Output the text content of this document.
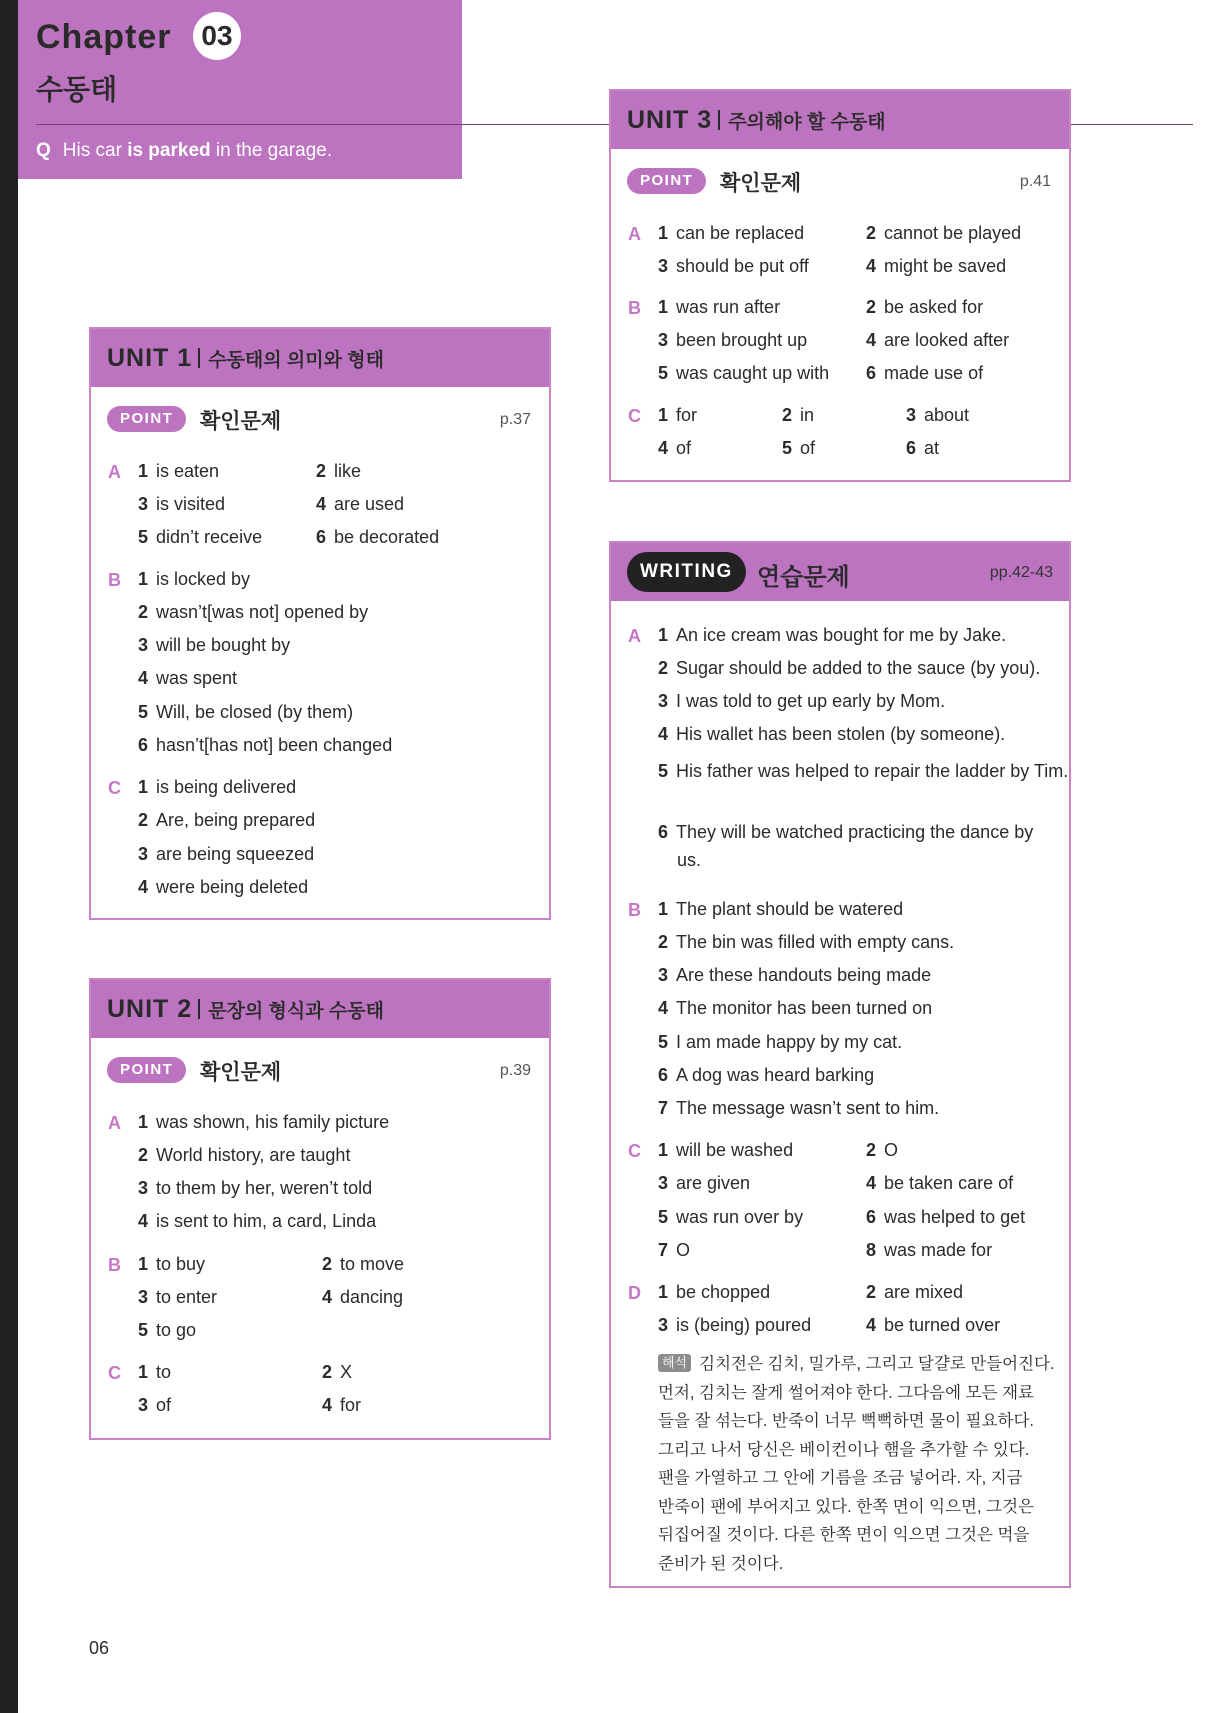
Chapter	03
수동태
Q His car is parked in the garage.
UNIT 1 수동태의 의미와 형태
POINT	확인문제	p.37
A 1 is eaten	2 like
3 is visited	4 are used
5 didn’t receive	6 be decorated
B 1 is locked by
2 wasn’t[was not] opened by
3 will be bought by
4 was spent
5 Will, be closed (by them)
6 hasn’t[has not] been changed
C 1 is being delivered
2 Are, being prepared
3 are being squeezed
4 were being deleted
UNIT 2 문장의 형식과 수동태
POINT	확인문제	p.39
A 1 was shown, his family picture
2 World history, are taught
3 to them by her, weren’t told
4 is sent to him, a card, Linda
B 1 to buy	2 to move
3 to enter	4 dancing
5 to go
C 1 to	2 X
3 of	4 for
UNIT 3 주의해야 할 수동태
POINT	확인문제	p.41
A 1 can be replaced	2 cannot be played
3 should be put off	4 might be saved
B 1 was run after	2 be asked for
3 been brought up	4 are looked after
5 was caught up with 6 made use of
C 1 for	2 in	3 about
4 of	5 of	6 at
WRITING	연습문제	pp.42-43
A 1 An ice cream was bought for me by Jake.
2 Sugar should be added to the sauce (by you).
3 I was told to get up early by Mom.
4 His wallet has been stolen (by someone).
5 His father was helped to repair the ladder by Tim.
6 They will be watched practicing the dance by us.
B 1 The plant should be watered
2 The bin was filled with empty cans.
3 Are these handouts being made
4 The monitor has been turned on
5 I am made happy by my cat.
6 A dog was heard barking
7 The message wasn’t sent to him.
C 1 will be washed	2 O
3 are given	4 be taken care of
5 was run over by	6 was helped to get
7 O	8 was made for
D 1 be chopped	2 are mixed
3 is (being) poured	4 be turned over
해석 김치전은 김치, 밀가루, 그리고 달걀로 만들어진다.
먼저, 김치는 잘게 썰어져야 한다. 그다음에 모든 재료
들을 잘 섞는다. 반죽이 너무 뻑뻑하면 물이 필요하다.
그리고 나서 당신은 베이컨이나 햄을 추가할 수 있다.
팬을 가열하고 그 안에 기름을 조금 넣어라. 자, 지금
반죽이 팬에 부어지고 있다. 한쪽 면이 익으면, 그것은
뒤집어질 것이다. 다른 한쪽 면이 익으면 그것은 먹을
준비가 된 것이다.
06
